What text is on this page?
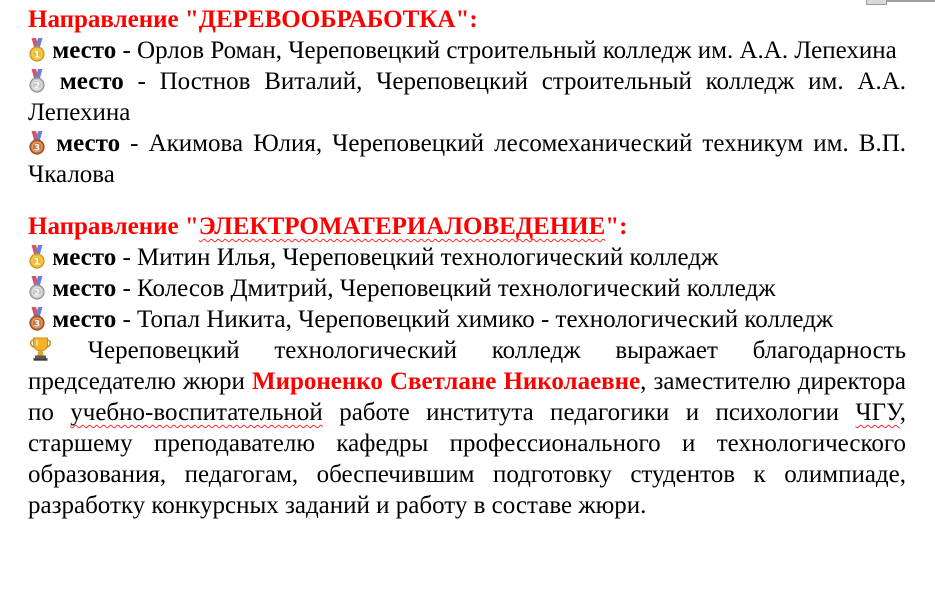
Направление "ДЕРЕВООБРАБОТКА":

1 место - Орлов Роман, Череповецкий строительный колледж им. А.А. Лепехина

2 место - Постнов Виталий, Череповецкий строительный колледж им. А.А. Лепехина

3 место - Акимова Юлия, Череповецкий лесомеханический техникум им. В.П. Чкалова

Направление "ЭЛЕКТРОМАТЕРИАЛОВЕДЕНИЕ":

1 место - Митин Илья, Череповецкий технологический колледж

2 место - Колесов Дмитрий, Череповецкий технологический колледж

3 место - Топал Никита, Череповецкий химико - технологический колледж

Череповецкий технологический колледж выражает благодарность председателю жюри Мироненко Светлане Николаевне, заместителю директора по учебно-воспитательной работе института педагогики и психологии ЧГУ, старшему преподавателю кафедры профессионального и технологического образования, педагогам, обеспечившим подготовку студентов к олимпиаде, разработку конкурсных заданий и работу в составе жюри.
